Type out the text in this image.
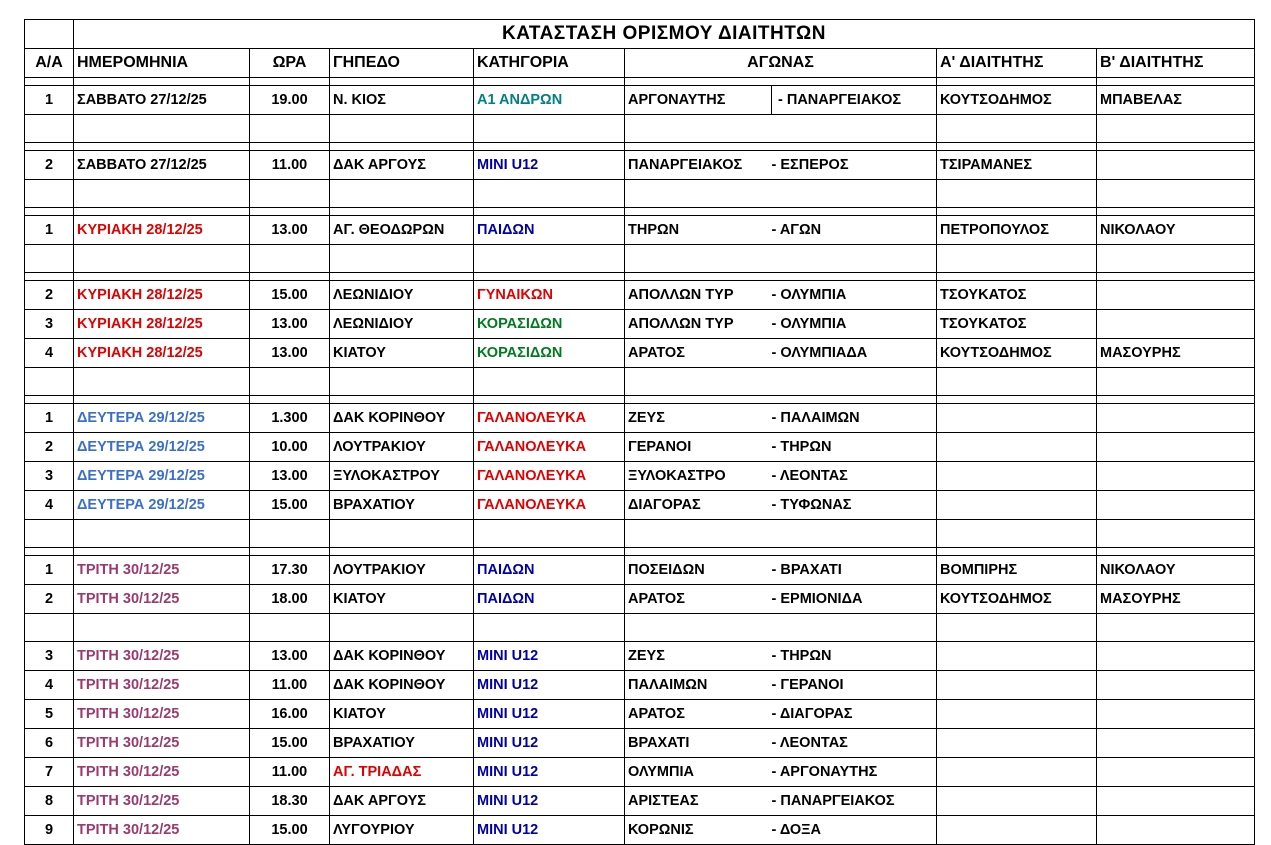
	ΚΑΤΑΣΤΑΣΗ ΟΡΙΣΜΟΥ ΔΙΑΙΤΗΤΩΝ							
Α/Α	ΗΜΕΡΟΜΗΝΙΑ	ΩΡΑ	ΓΗΠΕΔΟ	ΚΑΤΗΓΟΡΙΑ	ΑΓΩΝΑΣ		Α' ΔΙΑΙΤΗΤΗΣ	Β' ΔΙΑΙΤΗΤΗΣ

1	ΣΑΒΒΑΤΟ 27/12/25	19.00	Ν. ΚΙΟΣ	Α1 ΑΝΔΡΩΝ	ΑΡΓΟΝΑΥΤΗΣ	- ΠΑΝΑΡΓΕΙΑΚΟΣ	ΚΟΥΤΣΟΔΗΜΟΣ	ΜΠΑΒΕΛΑΣ

2	ΣΑΒΒΑΤΟ 27/12/25	11.00	ΔΑΚ ΑΡΓΟΥΣ	ΜΙΝΙ U12	ΠΑΝΑΡΓΕΙΑΚΟΣ	- ΕΣΠΕΡΟΣ	ΤΣΙΡΑΜΑΝΕΣ	

1	ΚΥΡΙΑΚΗ 28/12/25	13.00	ΑΓ. ΘΕΟΔΩΡΩΝ	ΠΑΙΔΩΝ	ΤΗΡΩΝ	- ΑΓΩΝ	ΠΕΤΡΟΠΟΥΛΟΣ	ΝΙΚΟΛΑΟΥ

2	ΚΥΡΙΑΚΗ 28/12/25	15.00	ΛΕΩΝΙΔΙΟΥ	ΓΥΝΑΙΚΩΝ	ΑΠΟΛΛΩΝ ΤΥΡ	- ΟΛΥΜΠΙΑ	ΤΣΟΥΚΑΤΟΣ	
3	ΚΥΡΙΑΚΗ 28/12/25	13.00	ΛΕΩΝΙΔΙΟΥ	ΚΟΡΑΣΙΔΩΝ	ΑΠΟΛΛΩΝ ΤΥΡ	- ΟΛΥΜΠΙΑ	ΤΣΟΥΚΑΤΟΣ	
4	ΚΥΡΙΑΚΗ 28/12/25	13.00	ΚΙΑΤΟΥ	ΚΟΡΑΣΙΔΩΝ	ΑΡΑΤΟΣ	- ΟΛΥΜΠΙΑΔΑ	ΚΟΥΤΣΟΔΗΜΟΣ	ΜΑΣΟΥΡΗΣ

1	ΔΕΥΤΕΡΑ 29/12/25	1.300	ΔΑΚ ΚΟΡΙΝΘΟΥ	ΓΑΛΑΝΟΛΕΥΚΑ	ΖΕΥΣ	- ΠΑΛΑΙΜΩΝ		
2	ΔΕΥΤΕΡΑ 29/12/25	10.00	ΛΟΥΤΡΑΚΙΟΥ	ΓΑΛΑΝΟΛΕΥΚΑ	ΓΕΡΑΝΟΙ	- ΤΗΡΩΝ		
3	ΔΕΥΤΕΡΑ 29/12/25	13.00	ΞΥΛΟΚΑΣΤΡΟΥ	ΓΑΛΑΝΟΛΕΥΚΑ	ΞΥΛΟΚΑΣΤΡΟ	- ΛΕΟΝΤΑΣ		
4	ΔΕΥΤΕΡΑ 29/12/25	15.00	ΒΡΑΧΑΤΙΟΥ	ΓΑΛΑΝΟΛΕΥΚΑ	ΔΙΑΓΟΡΑΣ	- ΤΥΦΩΝΑΣ		

1	ΤΡΙΤΗ 30/12/25	17.30	ΛΟΥΤΡΑΚΙΟΥ	ΠΑΙΔΩΝ	ΠΟΣΕΙΔΩΝ	- ΒΡΑΧΑΤΙ	ΒΟΜΠΙΡΗΣ	ΝΙΚΟΛΑΟΥ
2	ΤΡΙΤΗ 30/12/25	18.00	ΚΙΑΤΟΥ	ΠΑΙΔΩΝ	ΑΡΑΤΟΣ	- ΕΡΜΙΟΝΙΔΑ	ΚΟΥΤΣΟΔΗΜΟΣ	ΜΑΣΟΥΡΗΣ

3	ΤΡΙΤΗ 30/12/25	13.00	ΔΑΚ ΚΟΡΙΝΘΟΥ	ΜΙΝΙ U12	ΖΕΥΣ	- ΤΗΡΩΝ		
4	ΤΡΙΤΗ 30/12/25	11.00	ΔΑΚ ΚΟΡΙΝΘΟΥ	ΜΙΝΙ U12	ΠΑΛΑΙΜΩΝ	- ΓΕΡΑΝΟΙ		
5	ΤΡΙΤΗ 30/12/25	16.00	ΚΙΑΤΟΥ	ΜΙΝΙ U12	ΑΡΑΤΟΣ	- ΔΙΑΓΟΡΑΣ		
6	ΤΡΙΤΗ 30/12/25	15.00	ΒΡΑΧΑΤΙΟΥ	ΜΙΝΙ U12	ΒΡΑΧΑΤΙ	- ΛΕΟΝΤΑΣ		
7	ΤΡΙΤΗ 30/12/25	11.00	ΑΓ. ΤΡΙΑΔΑΣ	ΜΙΝΙ U12	ΟΛΥΜΠΙΑ	- ΑΡΓΟΝΑΥΤΗΣ		
8	ΤΡΙΤΗ 30/12/25	18.30	ΔΑΚ ΑΡΓΟΥΣ	ΜΙΝΙ U12	ΑΡΙΣΤΕΑΣ	- ΠΑΝΑΡΓΕΙΑΚΟΣ		
9	ΤΡΙΤΗ 30/12/25	15.00	ΛΥΓΟΥΡΙΟΥ	ΜΙΝΙ U12	ΚΟΡΩΝΙΣ	- ΔΟΞΑ		
